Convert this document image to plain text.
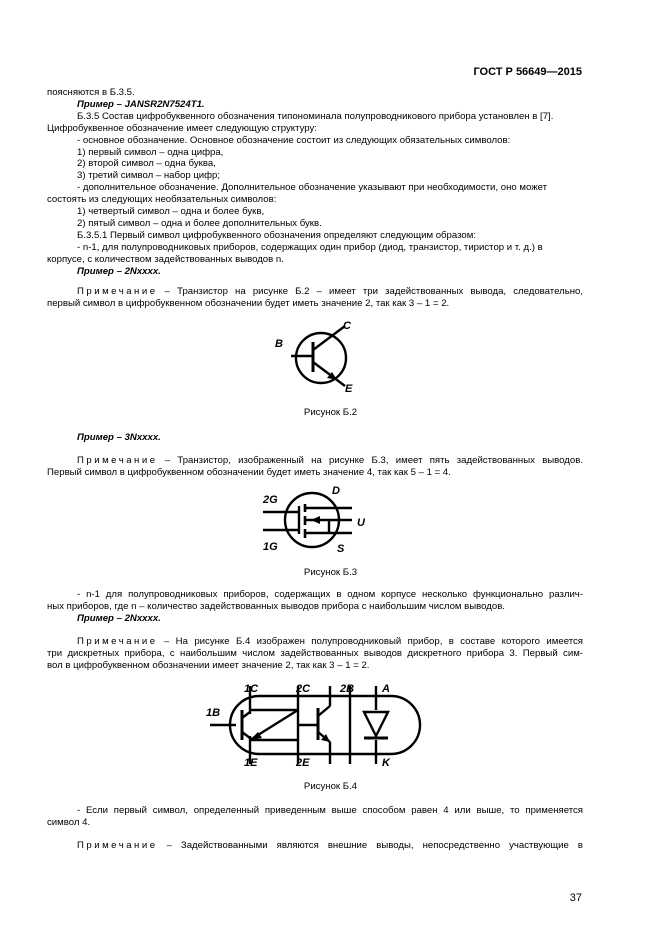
ГОСТ Р 56649—2015
поясняются в Б.3.5.
Пример – JANSR2N7524T1.
Б.3.5 Состав цифробуквенного обозначения типономинала полупроводникового прибора установлен в [7].
Цифробуквенное обозначение имеет следующую структуру:
- основное обозначение. Основное обозначение состоит из следующих обязательных символов:
1) первый символ – одна цифра,
2) второй символ – одна буква,
3) третий символ – набор цифр;
- дополнительное обозначение. Дополнительное обозначение указывают при необходимости, оно может
состоять из следующих необязательных символов:
1) четвертый символ – одна и более букв,
2) пятый символ – одна и более дополнительных букв.
Б.3.5.1 Первый символ цифробуквенного обозначения определяют следующим образом:
- n-1, для полупроводниковых приборов, содержащих один прибор (диод, транзистор, тиристор и т. д.) в
корпусе, с количеством задействованных выводов n.
Пример – 2Nxxxx.
Примечание – Транзистор на рисунке Б.2 – имеет три задействованных вывода, следовательно,
первый символ в цифробуквенном обозначении будет иметь значение 2, так как 3 – 1 = 2.
C
B
E
Рисунок Б.2
Пример – 3Nxxxx.
Примечание – Транзистор, изображенный на рисунке Б.3, имеет пять задействованных выводов.
Первый символ в цифробуквенном обозначении будет иметь значение 4, так как 5 – 1 = 4.
2G
D
U
1G	S
Рисунок Б.3
- n-1 для полупроводниковых приборов, содержащих в одном корпусе несколько функционально различ-
ных приборов, где n – количество задействованных выводов прибора с наибольшим числом выводов.
Пример – 2Nxxxx.
Примечание – На рисунке Б.4 изображен полупроводниковый прибор, в составе которого имеется
три дискретных прибора, с наибольшим числом задействованных выводов дискретного прибора 3. Первый сим-
вол в цифробуквенном обозначении имеет значение 2, так как 3 – 1 = 2.
1C	2C	2B	A
1B
1E	2E	K
Рисунок Б.4
- Если первый символ, определенный приведенным выше способом равен 4 или выше, то применяется
символ 4.
Примечание – Задействованными являются внешние выводы, непосредственно участвующие в
37
